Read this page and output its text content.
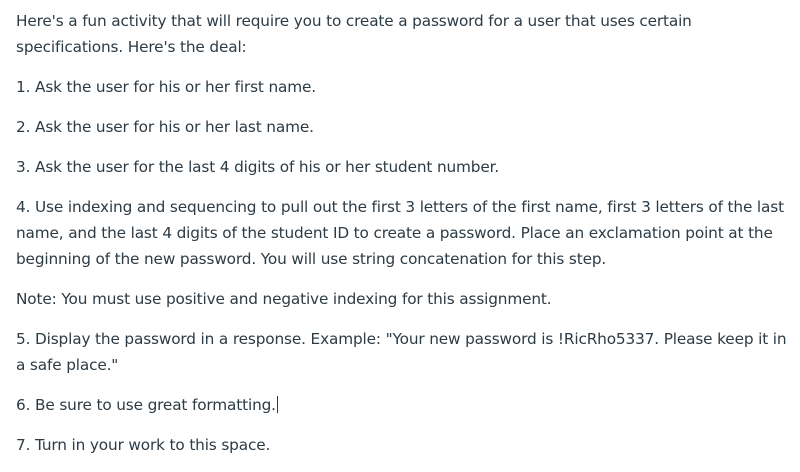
Here's a fun activity that will require you to create a password for a user that uses certain specifications. Here's the deal:

1. Ask the user for his or her first name.

2. Ask the user for his or her last name.

3. Ask the user for the last 4 digits of his or her student number.

4. Use indexing and sequencing to pull out the first 3 letters of the first name, first 3 letters of the last name, and the last 4 digits of the student ID to create a password. Place an exclamation point at the beginning of the new password. You will use string concatenation for this step.

Note: You must use positive and negative indexing for this assignment.

5. Display the password in a response. Example: "Your new password is !RicRho5337. Please keep it in a safe place."

6. Be sure to use great formatting.

7. Turn in your work to this space.
